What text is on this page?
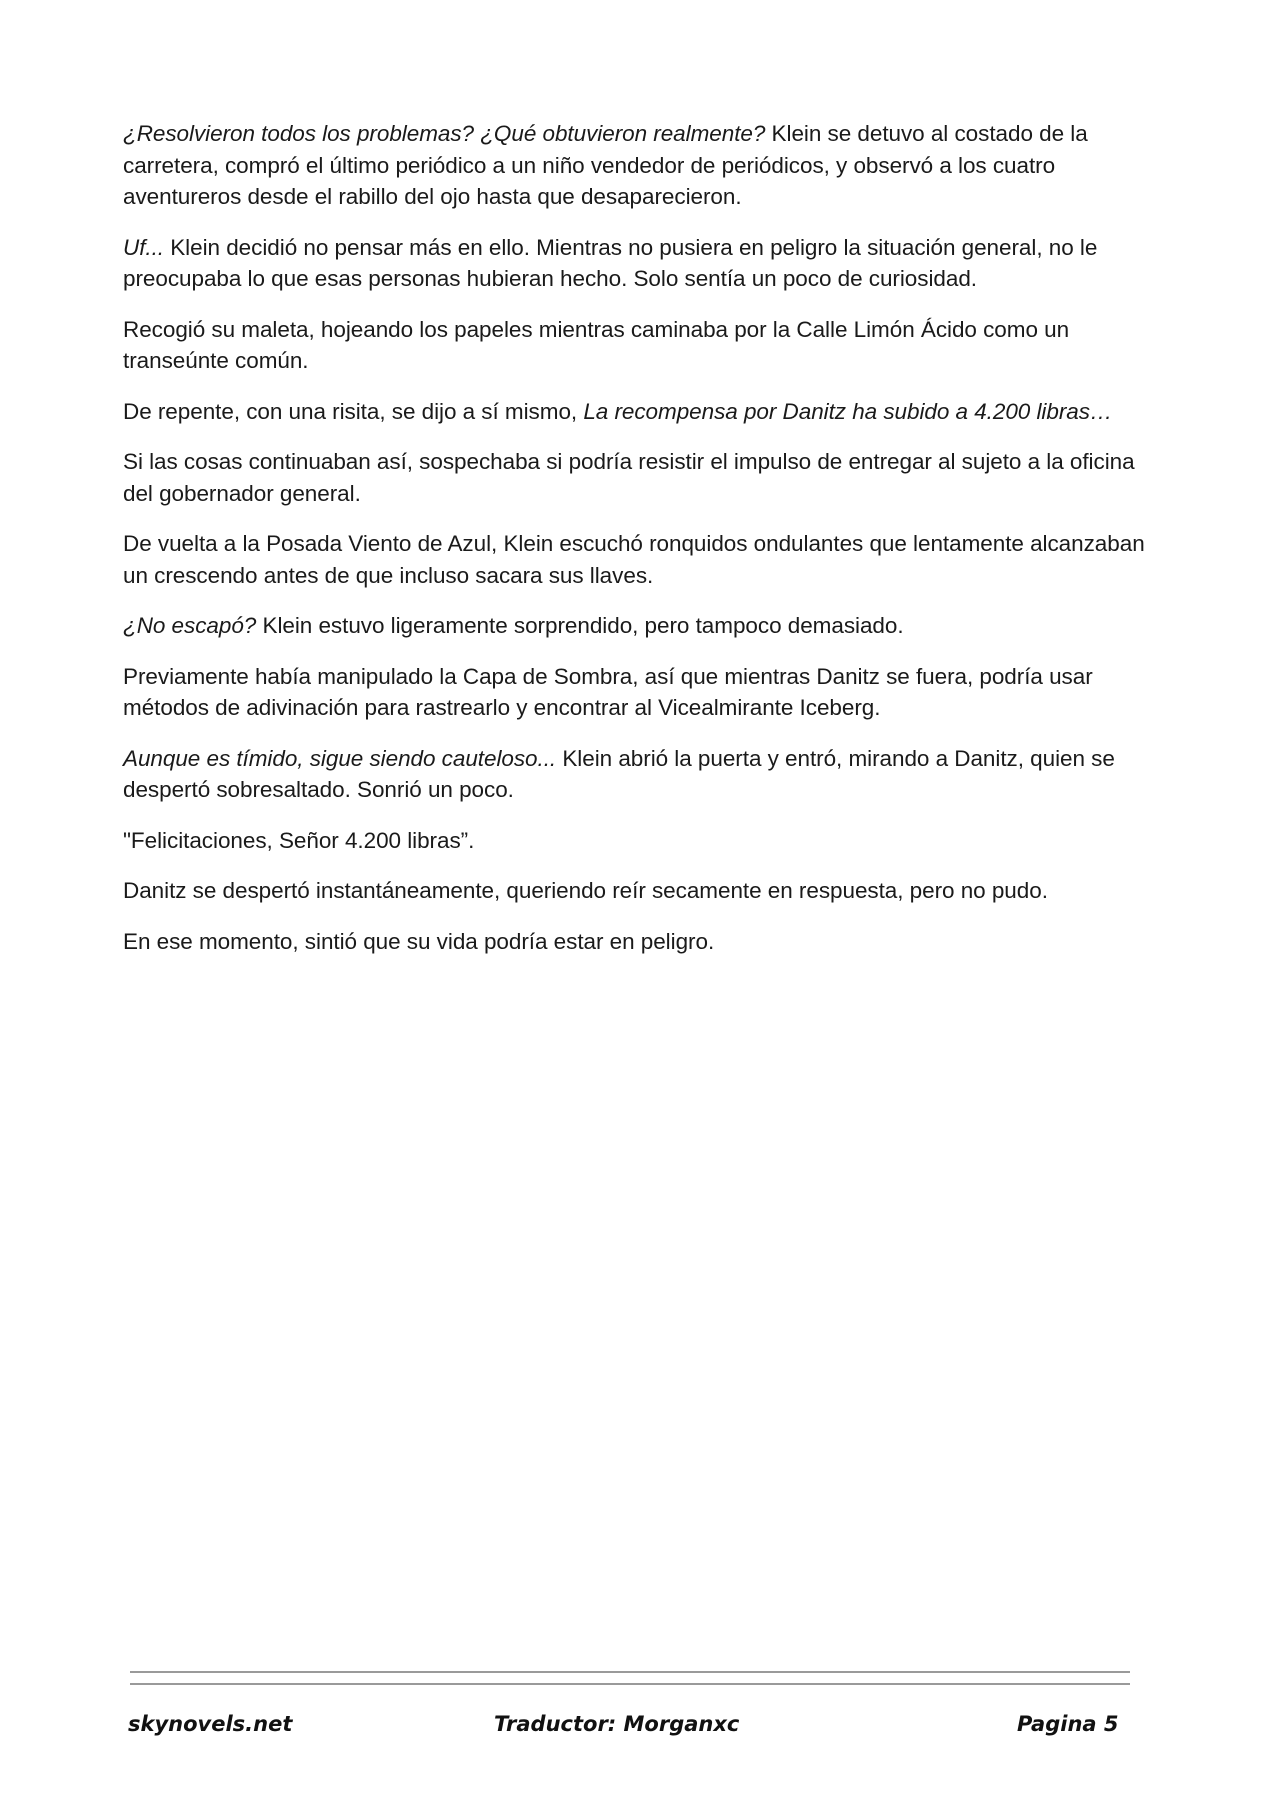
¿Resolvieron todos los problemas? ¿Qué obtuvieron realmente? Klein se detuvo al costado de la carretera, compró el último periódico a un niño vendedor de periódicos, y observó a los cuatro aventureros desde el rabillo del ojo hasta que desaparecieron.

Uf... Klein decidió no pensar más en ello. Mientras no pusiera en peligro la situación general, no le preocupaba lo que esas personas hubieran hecho. Solo sentía un poco de curiosidad.

Recogió su maleta, hojeando los papeles mientras caminaba por la Calle Limón Ácido como un transeúnte común.

De repente, con una risita, se dijo a sí mismo, La recompensa por Danitz ha subido a 4.200 libras…

Si las cosas continuaban así, sospechaba si podría resistir el impulso de entregar al sujeto a la oficina del gobernador general.

De vuelta a la Posada Viento de Azul, Klein escuchó ronquidos ondulantes que lentamente alcanzaban un crescendo antes de que incluso sacara sus llaves.

¿No escapó? Klein estuvo ligeramente sorprendido, pero tampoco demasiado.

Previamente había manipulado la Capa de Sombra, así que mientras Danitz se fuera, podría usar métodos de adivinación para rastrearlo y encontrar al Vicealmirante Iceberg.

Aunque es tímido, sigue siendo cauteloso... Klein abrió la puerta y entró, mirando a Danitz, quien se despertó sobresaltado. Sonrió un poco.

"Felicitaciones, Señor 4.200 libras”.

Danitz se despertó instantáneamente, queriendo reír secamente en respuesta, pero no pudo.

En ese momento, sintió que su vida podría estar en peligro.

skynovels.net	Traductor: Morganxc	Pagina 5
